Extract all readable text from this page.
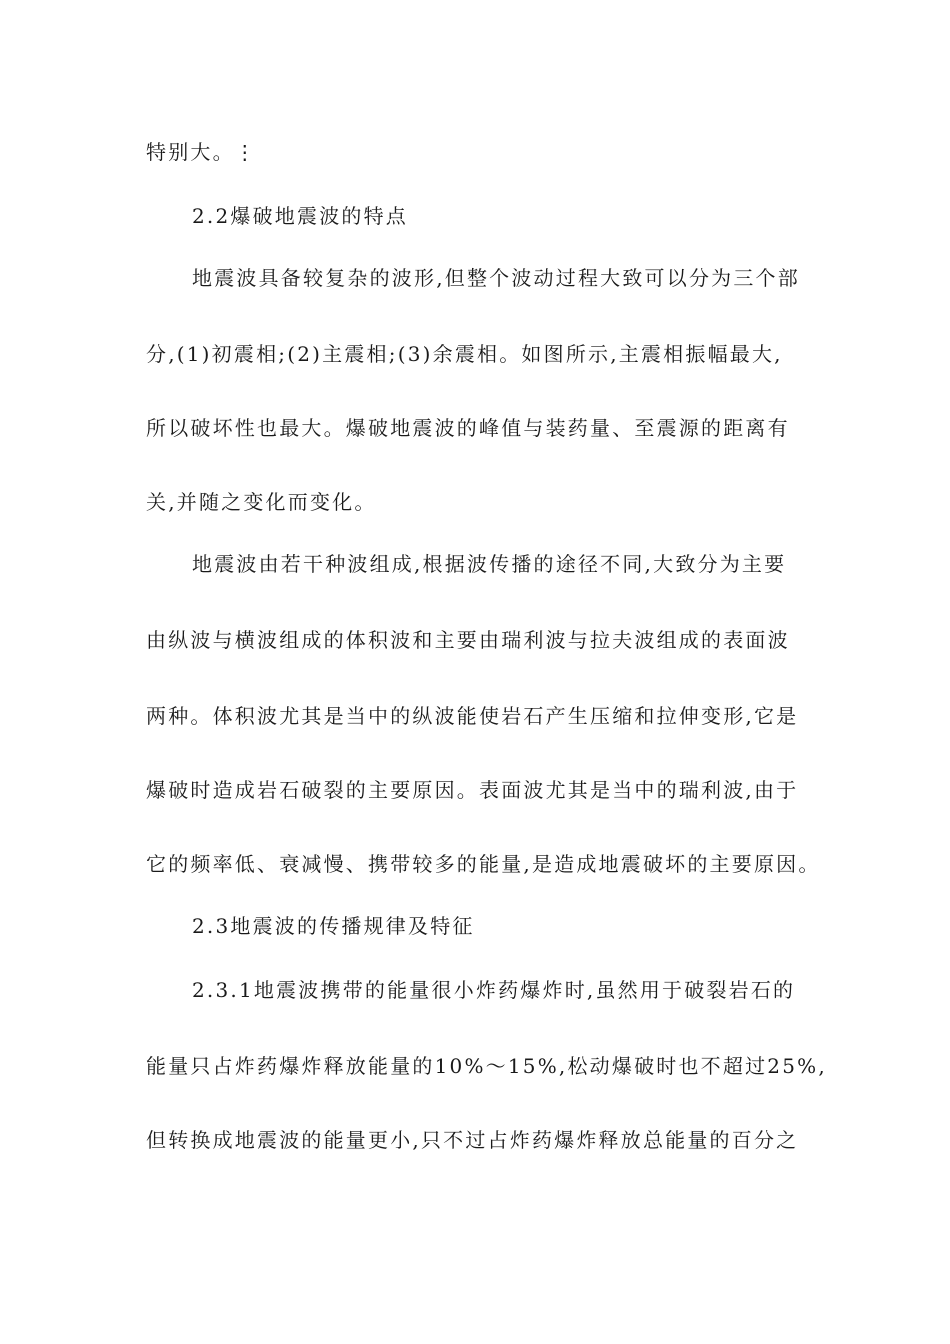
特别大。⋮

2.2爆破地震波的特点

地震波具备较复杂的波形,但整个波动过程大致可以分为三个部

分,(1)初震相;(2)主震相;(3)余震相。如图所示,主震相振幅最大,

所以破坏性也最大。爆破地震波的峰值与装药量、至震源的距离有

关,并随之变化而变化。

地震波由若干种波组成,根据波传播的途径不同,大致分为主要

由纵波与横波组成的体积波和主要由瑞利波与拉夫波组成的表面波

两种。体积波尤其是当中的纵波能使岩石产生压缩和拉伸变形,它是

爆破时造成岩石破裂的主要原因。表面波尤其是当中的瑞利波,由于

它的频率低、衰减慢、携带较多的能量,是造成地震破坏的主要原因。

2.3地震波的传播规律及特征

2.3.1地震波携带的能量很小炸药爆炸时,虽然用于破裂岩石的

能量只占炸药爆炸释放能量的10%～15%,松动爆破时也不超过25%,

但转换成地震波的能量更小,只不过占炸药爆炸释放总能量的百分之
